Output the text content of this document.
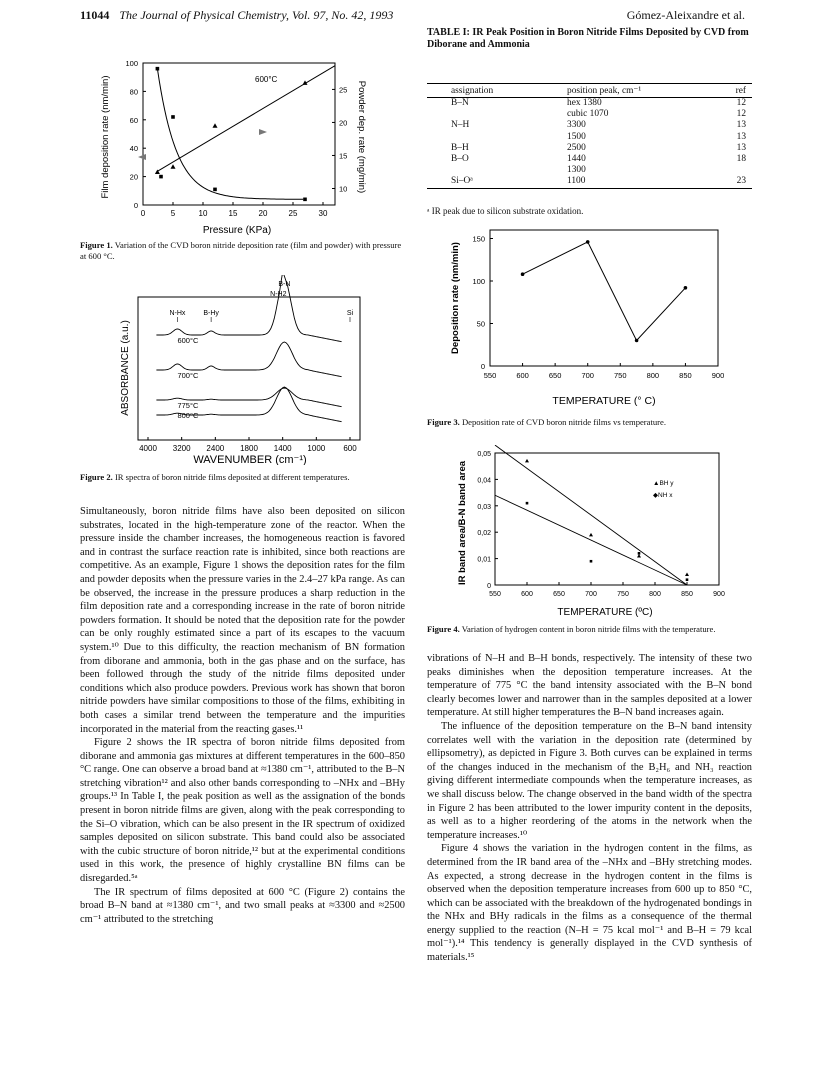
11044 The Journal of Physical Chemistry, Vol. 97, No. 42, 1993	Gómez-Aleixandre et al.
0	5	10	15	20	25	30
0
20
40
60
80
100
10
15
20
25
600°C
Pressure (KPa)
Film deposition rate (nm/min)	Powder dep. rate (mg/min)
Figure 1. Variation of the CVD boron nitride deposition rate (film and powder) with pressure at 600 °C.
600°C
700°C
775°C
800°C
N-Hx	B-Hy
B-N
N-H2
Si
4000 3200 2400 1800 1400 1000 600
ABSORBANCE (a.u.)
WAVENUMBER (cm⁻¹)
Figure 2. IR spectra of boron nitride films deposited at different temperatures.

Simultaneously, boron nitride films have also been deposited on silicon substrates, located in the high-temperature zone of the reactor. When the pressure inside the chamber increases, the homogeneous reaction is favored and in contrast the surface reaction rate is inhibited, since both reactions are competitive. As an example, Figure 1 shows the deposition rates for the film and powder deposits when the pressure varies in the 2.4–27 kPa range. As can be observed, the increase in the pressure produces a sharp reduction in the film deposition rate and a corresponding increase in the rate of boron nitride powders formation. It should be noted that the deposition rate for the powder can be only roughly estimated since a part of its escapes to the vacuum system.¹⁰ Due to this difficulty, the reaction mechanism of BN formation from diborane and ammonia, both in the gas phase and on the surface, has been followed through the study of the nitride films deposited under conditions which also produce powders. Previous work has shown that boron nitride powders have similar compositions to those of the films, exhibiting in both cases a similar trend between the temperature and the impurities incorporated in the material from the reacting gases.¹¹

Figure 2 shows the IR spectra of boron nitride films deposited from diborane and ammonia gas mixtures at different temperatures in the 600–850 °C range. One can observe a broad band at ≈1380 cm⁻¹, attributed to the B–N stretching vibration¹² and also other bands corresponding to –NHx and –BHy groups.¹³ In Table I, the peak position as well as the assignation of the bonds present in boron nitride films are given, along with the peak corresponding to the Si–O vibration, which can be also present in the IR spectrum of oxidized samples deposited on silicon substrate. This band could also be associated with the cubic structure of boron nitride,¹² but at the experimental conditions used in this work, the presence of highly crystalline BN films can be disregarded.⁵ᵃ

The IR spectrum of films deposited at 600 °C (Figure 2) contains the broad B–N band at ≈1380 cm⁻¹, and two small peaks at ≈3300 and ≈2500 cm⁻¹ attributed to the stretching

TABLE I: IR Peak Position in Boron Nitride Films Deposited by CVD from Diborane and Ammonia
assignation	position peak, cm⁻¹	ref
B–N	hex 1380	12
	cubic 1070	12
N–H	3300	13
	1500	13
B–H	2500	13
B–O	1440	18
	1300	
Si–Oᵃ	1100	23
ᵃ IR peak due to silicon substrate oxidation.
550	600	650	700	750	800	850	900
0
50
100
150
TEMPERATURE (° C)
Deposition rate (nm/min)
Figure 3. Deposition rate of CVD boron nitride films vs temperature.
550	600	650	700	750	800	850	900
0
0,01
0,02
0,03
0,04
0,05
▲BH y
◆NH x
TEMPERATURE (ºC)
IR band area/B-N band area
Figure 4. Variation of hydrogen content in boron nitride films with the temperature.

vibrations of N–H and B–H bonds, respectively. The intensity of these two peaks diminishes when the deposition temperature increases. At the temperature of 775 °C the band intensity associated with the B–N bond clearly becomes lower and narrower than in the samples deposited at a lower temperature. At still higher temperatures the B–N band increases again.

The influence of the deposition temperature on the B–N band intensity correlates well with the variation in the deposition rate (determined by ellipsometry), as depicted in Figure 3. Both curves can be explained in terms of the changes induced in the mechanism of the B₂H₆ and NH₃ reaction giving different intermediate compounds when the temperature increases, as we shall discuss below. The change observed in the band width of the spectra in Figure 2 has been attributed to the lower impurity content in the deposits, as well as to a higher reordering of the atoms in the network when the temperature increases.¹⁰

Figure 4 shows the variation in the hydrogen content in the films, as determined from the IR band area of the –NHx and –BHy stretching modes. As expected, a strong decrease in the hydrogen content in the films is observed when the deposition temperature increases from 600 up to 850 °C, which can be associated with the breakdown of the hydrogenated bondings in the NHx and BHy radicals in the films as a consequence of the thermal energy supplied to the reaction (N–H = 75 kcal mol⁻¹ and B–H = 79 kcal mol⁻¹).¹⁴ This tendency is generally displayed in the CVD synthesis of materials.¹⁵
